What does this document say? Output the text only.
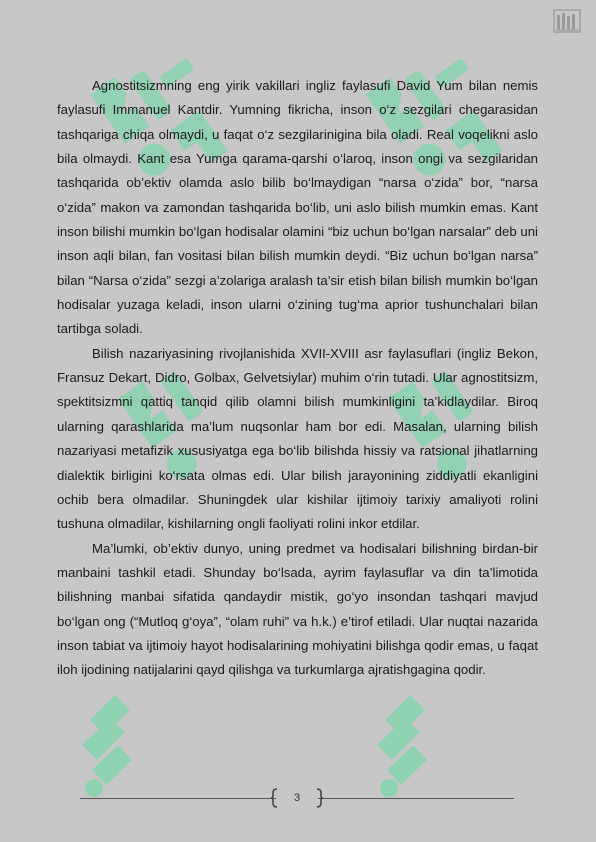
Agnostitsizmning eng yirik vakillari ingliz faylasufi David Yum bilan nemis faylasufi Immanuel Kantdir. Yumning fikricha, inson o‘z sezgilari chegarasidan tashqariga chiqa olmaydi, u faqat o‘z sezgilarinigina bila oladi. Real voqelikni aslo bila olmaydi. Kant esa Yumga qarama-qarshi o‘laroq, inson ongi va sezgilaridan tashqarida ob’ektiv olamda aslo bilib bo‘lmaydigan “narsa o‘zida” bor, “narsa o‘zida” makon va zamondan tashqarida bo‘lib, uni aslo bilish mumkin emas. Kant inson bilishi mumkin bo‘lgan hodisalar olamini “biz uchun bo‘lgan narsalar” deb uni inson aqli bilan, fan vositasi bilan bilish mumkin deydi. “Biz uchun bo‘lgan narsa” bilan “Narsa o‘zida” sezgi a’zolariga aralash ta’sir etish bilan bilish mumkin bo‘lgan hodisalar yuzaga keladi, inson ularni o‘zining tug‘ma aprior tushunchalari bilan tartibga soladi.

Bilish nazariyasining rivojlanishida XVII-XVIII asr faylasuflari (ingliz Bekon, Fransuz Dekart, Didro, Golbax, Gelvetsiylar) muhim o‘rin tutadi. Ular agnostitsizm, spektitsizmni qattiq tanqid qilib olamni bilish mumkinligini ta’kidlaydilar. Biroq ularning qarashlarida ma’lum nuqsonlar ham bor edi. Masalan, ularning bilish nazariyasi metafizik xususiyatga ega bo‘lib bilishda hissiy va ratsional jihatlarning dialektik birligini ko‘rsata olmas edi. Ular bilish jarayonining ziddiyatli ekanligini ochib bera olmadilar. Shuningdek ular kishilar ijtimoiy tarixiy amaliyoti rolini tushuna olmadilar, kishilarning ongli faoliyati rolini inkor etdilar.

Ma’lumki, ob’ektiv dunyo, uning predmet va hodisalari bilishning birdan-bir manbaini tashkil etadi. Shunday bo‘lsada, ayrim faylasuflar va din ta’limotida bilishning manbai sifatida qandaydir mistik, go‘yo insondan tashqari mavjud bo‘lgan ong (“Mutloq g‘oya”, “olam ruhi” va h.k.) e’tirof etiladi. Ular nuqtai nazarida inson tabiat va ijtimoiy hayot hodisalarining mohiyatini bilishga qodir emas, u faqat iloh ijodining natijalarini qayd qilishga va turkumlarga ajratishgagina qodir.

3
